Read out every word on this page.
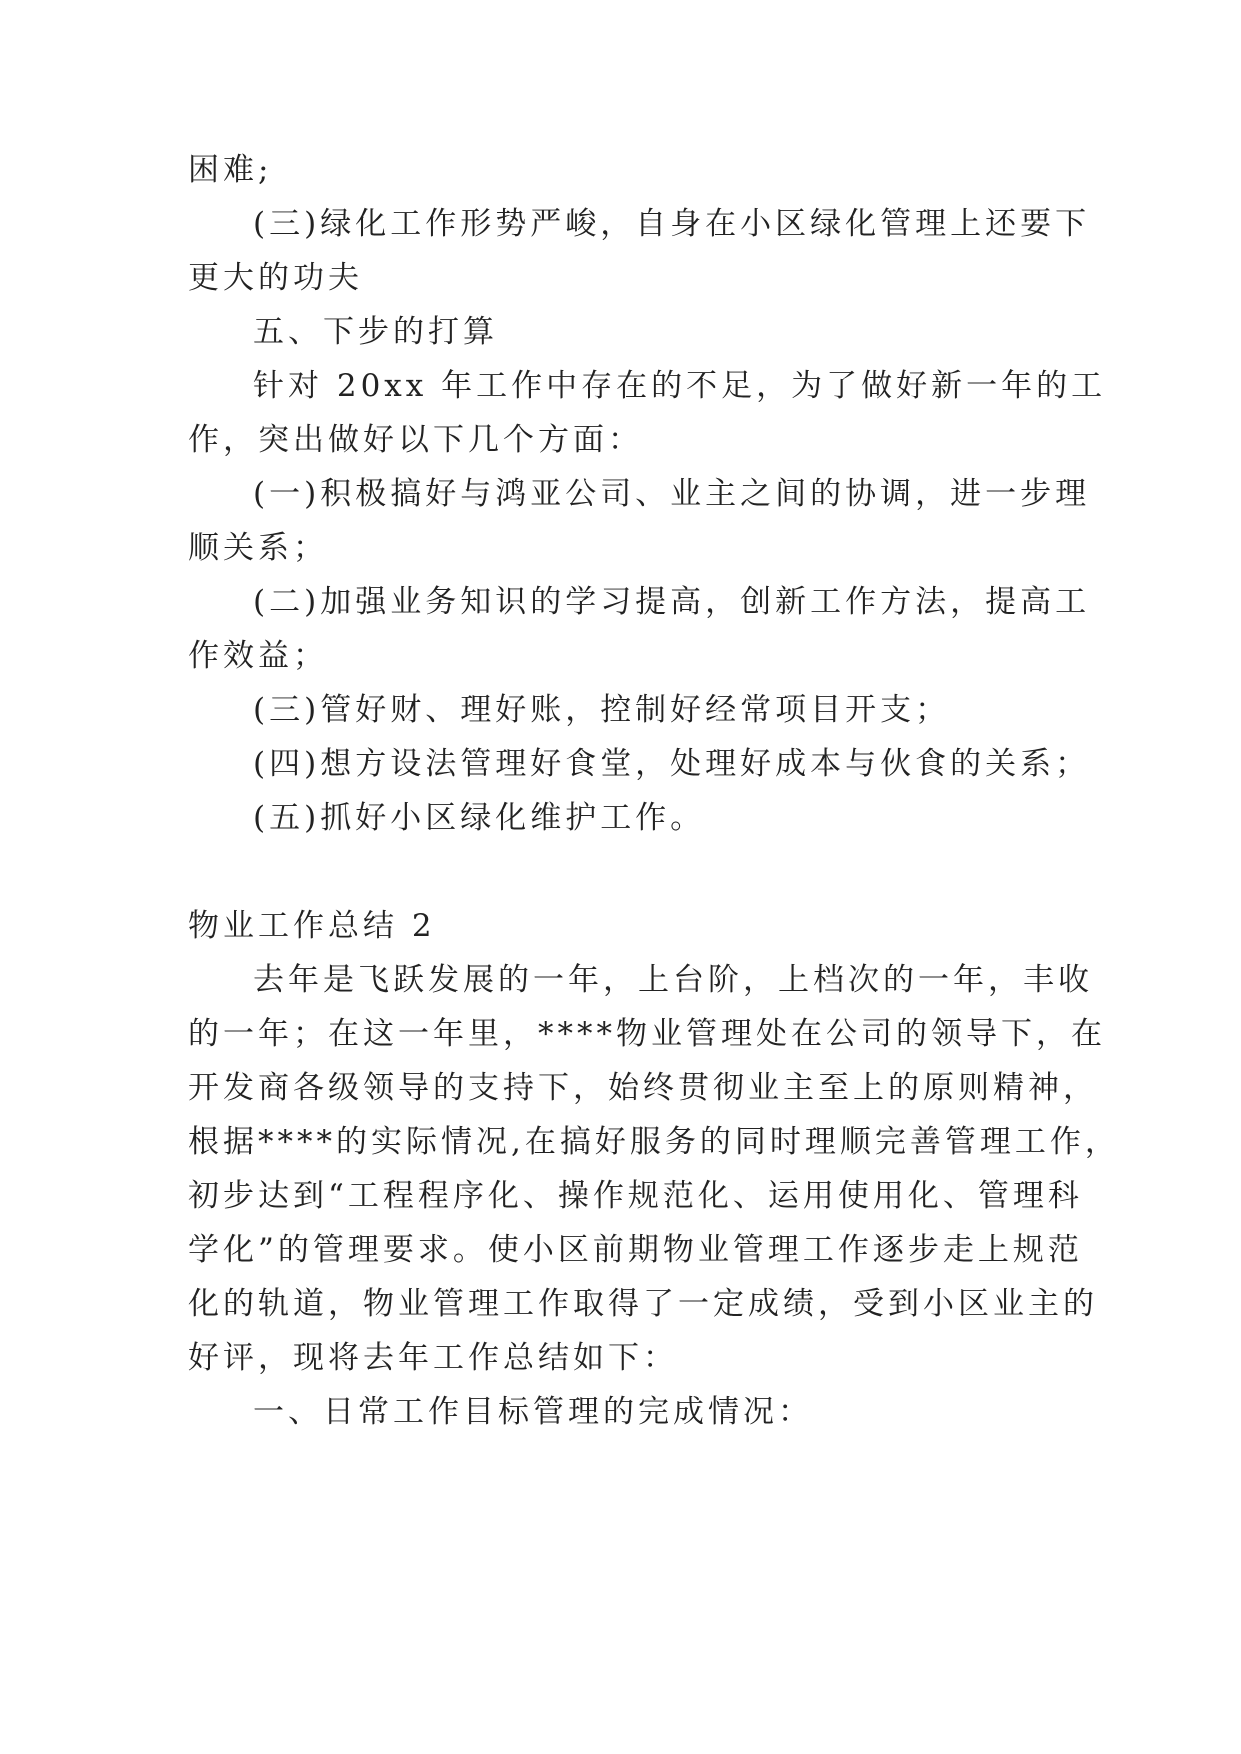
困难;
(三)绿化工作形势严峻，自身在小区绿化管理上还要下
更大的功夫
五、下步的打算
针对 20xx 年工作中存在的不足，为了做好新一年的工
作，突出做好以下几个方面：
(一)积极搞好与鸿亚公司、业主之间的协调，进一步理
顺关系；
(二)加强业务知识的学习提高，创新工作方法，提高工
作效益；
(三)管好财、理好账，控制好经常项目开支；
(四)想方设法管理好食堂，处理好成本与伙食的关系；
(五)抓好小区绿化维护工作。
物业工作总结 2
去年是飞跃发展的一年，上台阶，上档次的一年，丰收
的一年；在这一年里，****物业管理处在公司的领导下，在
开发商各级领导的支持下，始终贯彻业主至上的原则精神，
根据****的实际情况,在搞好服务的同时理顺完善管理工作，
初步达到“工程程序化、操作规范化、运用使用化、管理科
学化”的管理要求。使小区前期物业管理工作逐步走上规范
化的轨道，物业管理工作取得了一定成绩，受到小区业主的
好评，现将去年工作总结如下：
一、日常工作目标管理的完成情况：
